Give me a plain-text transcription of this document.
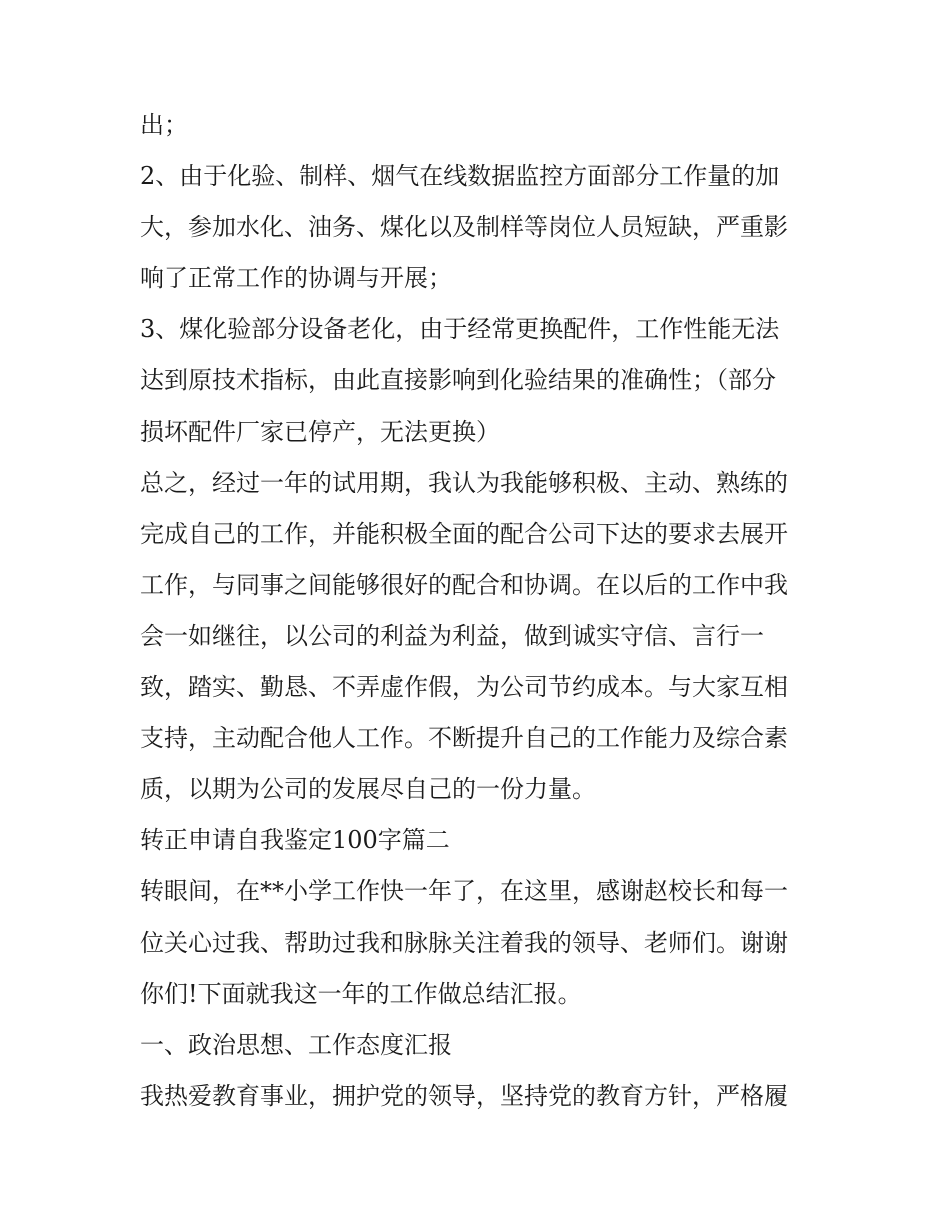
出；
2、由于化验、制样、烟气在线数据监控方面部分工作量的加
大，参加水化、油务、煤化以及制样等岗位人员短缺，严重影
响了正常工作的协调与开展；
3、煤化验部分设备老化，由于经常更换配件，工作性能无法
达到原技术指标，由此直接影响到化验结果的准确性；（部分
损坏配件厂家已停产，无法更换）
总之，经过一年的试用期，我认为我能够积极、主动、熟练的
完成自己的工作，并能积极全面的配合公司下达的要求去展开
工作，与同事之间能够很好的配合和协调。在以后的工作中我
会一如继往，以公司的利益为利益，做到诚实守信、言行一
致，踏实、勤恳、不弄虚作假，为公司节约成本。与大家互相
支持，主动配合他人工作。不断提升自己的工作能力及综合素
质，以期为公司的发展尽自己的一份力量。
转正申请自我鉴定100字篇二
转眼间，在**小学工作快一年了，在这里，感谢赵校长和每一
位关心过我、帮助过我和脉脉关注着我的领导、老师们。谢谢
你们!下面就我这一年的工作做总结汇报。
一、政治思想、工作态度汇报
我热爱教育事业，拥护党的领导，坚持党的教育方针，严格履
